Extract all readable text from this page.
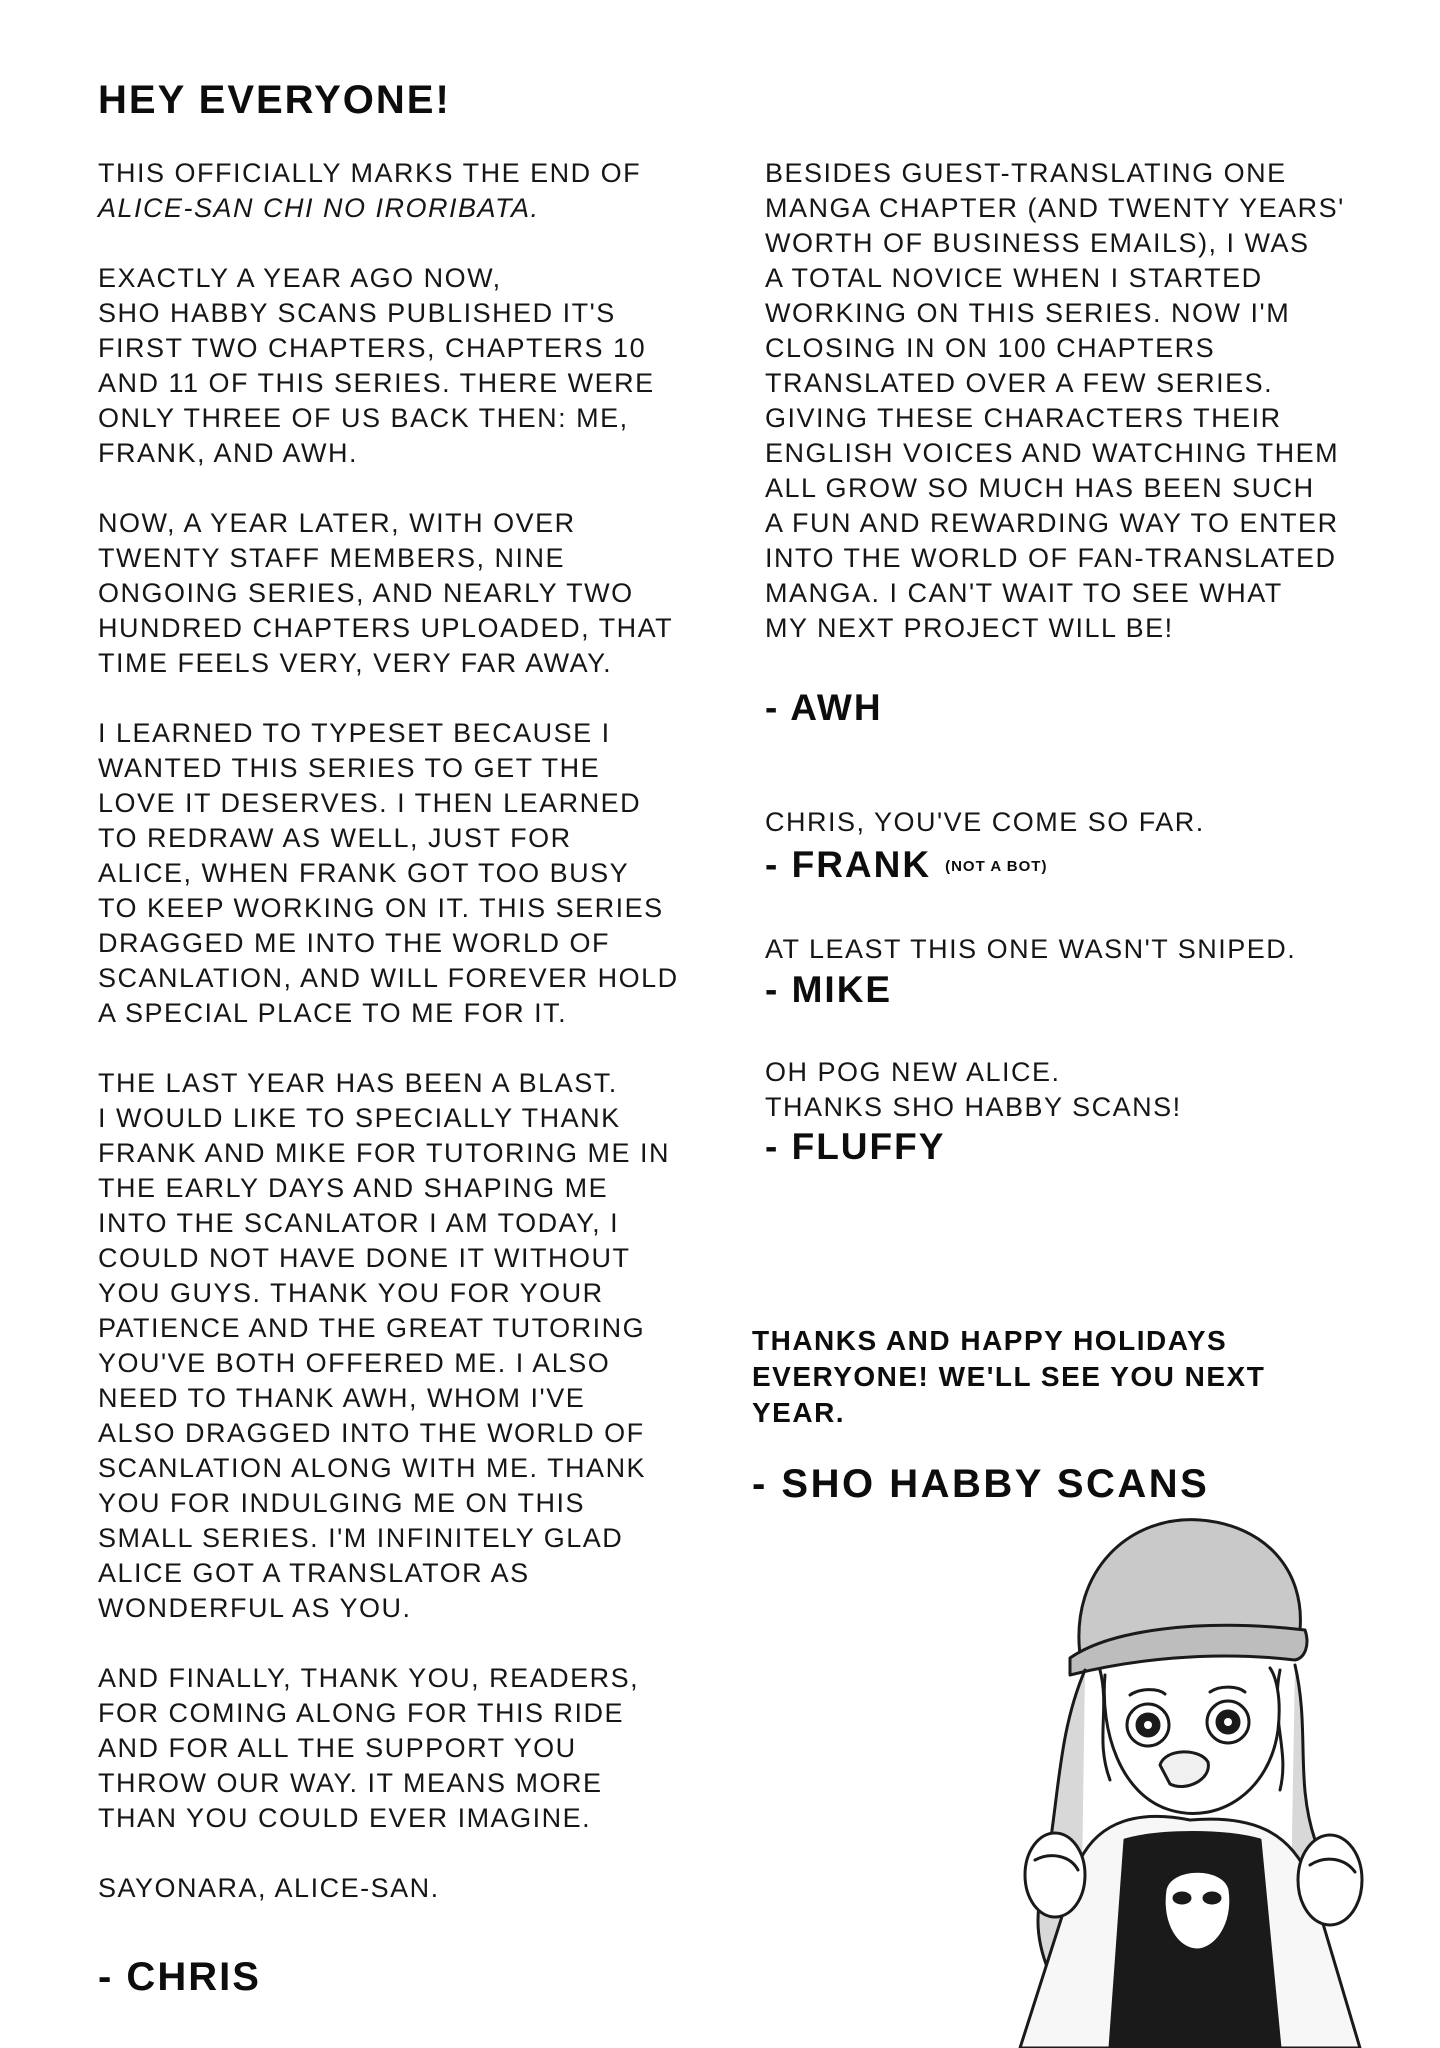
HEY EVERYONE!

THIS OFFICIALLY MARKS THE END OF
ALICE-SAN CHI NO IRORIBATA.

EXACTLY A YEAR AGO NOW,
SHO HABBY SCANS PUBLISHED IT'S
FIRST TWO CHAPTERS, CHAPTERS 10
AND 11 OF THIS SERIES. THERE WERE
ONLY THREE OF US BACK THEN: ME,
FRANK, AND AWH.

NOW, A YEAR LATER, WITH OVER
TWENTY STAFF MEMBERS, NINE
ONGOING SERIES, AND NEARLY TWO
HUNDRED CHAPTERS UPLOADED, THAT
TIME FEELS VERY, VERY FAR AWAY.

I LEARNED TO TYPESET BECAUSE I
WANTED THIS SERIES TO GET THE
LOVE IT DESERVES. I THEN LEARNED
TO REDRAW AS WELL, JUST FOR
ALICE, WHEN FRANK GOT TOO BUSY
TO KEEP WORKING ON IT. THIS SERIES
DRAGGED ME INTO THE WORLD OF
SCANLATION, AND WILL FOREVER HOLD
A SPECIAL PLACE TO ME FOR IT.

THE LAST YEAR HAS BEEN A BLAST.
I WOULD LIKE TO SPECIALLY THANK
FRANK AND MIKE FOR TUTORING ME IN
THE EARLY DAYS AND SHAPING ME
INTO THE SCANLATOR I AM TODAY, I
COULD NOT HAVE DONE IT WITHOUT
YOU GUYS. THANK YOU FOR YOUR
PATIENCE AND THE GREAT TUTORING
YOU'VE BOTH OFFERED ME. I ALSO
NEED TO THANK AWH, WHOM I'VE
ALSO DRAGGED INTO THE WORLD OF
SCANLATION ALONG WITH ME. THANK
YOU FOR INDULGING ME ON THIS
SMALL SERIES. I'M INFINITELY GLAD
ALICE GOT A TRANSLATOR AS
WONDERFUL AS YOU.

AND FINALLY, THANK YOU, READERS,
FOR COMING ALONG FOR THIS RIDE
AND FOR ALL THE SUPPORT YOU
THROW OUR WAY. IT MEANS MORE
THAN YOU COULD EVER IMAGINE.

SAYONARA, ALICE-SAN.

- CHRIS

BESIDES GUEST-TRANSLATING ONE
MANGA CHAPTER (AND TWENTY YEARS'
WORTH OF BUSINESS EMAILS), I WAS
A TOTAL NOVICE WHEN I STARTED
WORKING ON THIS SERIES. NOW I'M
CLOSING IN ON 100 CHAPTERS
TRANSLATED OVER A FEW SERIES.
GIVING THESE CHARACTERS THEIR
ENGLISH VOICES AND WATCHING THEM
ALL GROW SO MUCH HAS BEEN SUCH
A FUN AND REWARDING WAY TO ENTER
INTO THE WORLD OF FAN-TRANSLATED
MANGA. I CAN'T WAIT TO SEE WHAT
MY NEXT PROJECT WILL BE!

- AWH
CHRIS, YOU'VE COME SO FAR.
- FRANK $^{(NOT A BOT)}$
AT LEAST THIS ONE WASN'T SNIPED.
- MIKE
OH POG NEW ALICE.
THANKS SHO HABBY SCANS!
- FLUFFY
THANKS AND HAPPY HOLIDAYS
EVERYONE! WE'LL SEE YOU NEXT
YEAR.
- SHO HABBY SCANS
